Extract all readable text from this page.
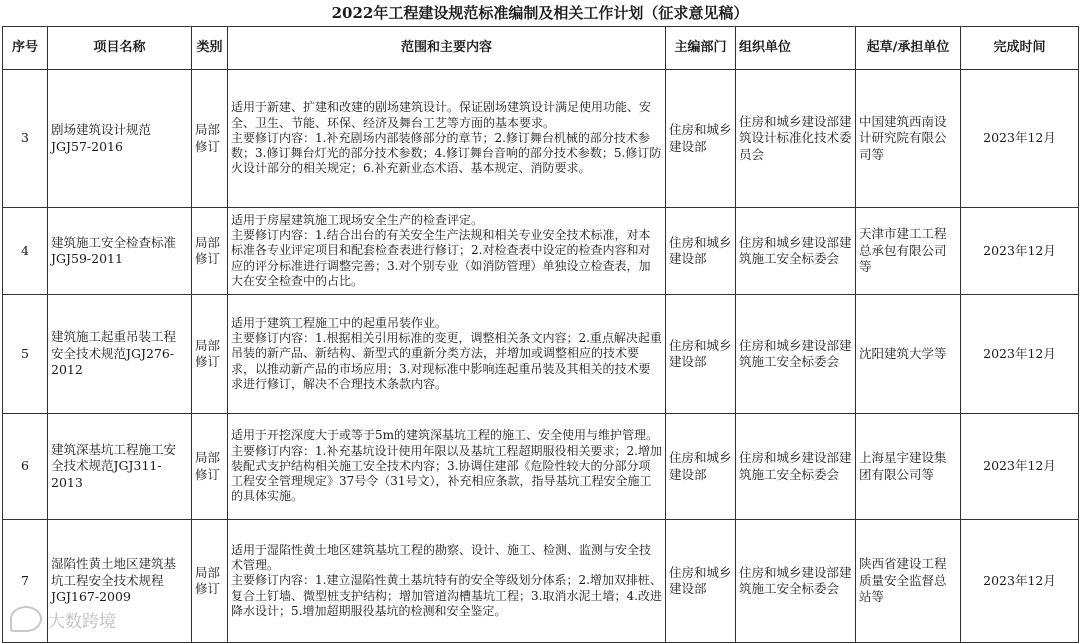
2022年工程建设规范标准编制及相关工作计划（征求意见稿）
序号	项目名称	类别	范围和主要内容	主编部门	组织单位	起草/承担单位	完成时间
3	剧场建筑设计规范JGJ57-2016	局部修订	适用于新建、扩建和改建的剧场建筑设计。保证剧场建筑设计满足使用功能、安全、卫生、节能、环保、经济及舞台工艺等方面的基本要求。
主要修订内容：1.补充剧场内部装修部分的章节；2.修订舞台机械的部分技术参数；3.修订舞台灯光的部分技术参数；4.修订舞台音响的部分技术参数；5.修订防火设计部分的相关规定；6.补充新业态术语、基本规定、消防要求。	住房和城乡建设部	住房和城乡建设部建筑设计标准化技术委员会	中国建筑西南设计研究院有限公司等	2023年12月
4	建筑施工安全检查标准JGJ59-2011	局部修订	适用于房屋建筑施工现场安全生产的检查评定。
主要修订内容：1.结合出台的有关安全生产法规和相关专业安全技术标准，对本标准各专业评定项目和配套检查表进行修订；2.对检查表中设定的检查内容和对应的评分标准进行调整完善；3.对个别专业（如消防管理）单独设立检查表，加大在安全检查中的占比。	住房和城乡建设部	住房和城乡建设部建筑施工安全标委会	天津市建工工程总承包有限公司等	2023年12月
5	建筑施工起重吊装工程安全技术规范JGJ276-2012	局部修订	适用于建筑工程施工中的起重吊装作业。
主要修订内容：1.根据相关引用标准的变更，调整相关条文内容；2.重点解决起重吊装的新产品、新结构、新型式的重新分类方法，并增加或调整相应的技术要求，以推动新产品的市场应用；3.对现标准中影响连起重吊装及其相关的技术要求进行修订，解决不合理技术条款内容。	住房和城乡建设部	住房和城乡建设部建筑施工安全标委会	沈阳建筑大学等	2023年12月
6	建筑深基坑工程施工安全技术规范JGJ311-2013	局部修订	适用于开挖深度大于或等于5m的建筑深基坑工程的施工、安全使用与维护管理。
主要修订内容：1.补充基坑设计使用年限以及基坑工程超期服役相关要求；2.增加装配式支护结构相关施工安全技术内容；3.协调住建部《危险性较大的分部分项工程安全管理规定》37号令（31号文），补充相应条款，指导基坑工程安全施工的具体实施。	住房和城乡建设部	住房和城乡建设部建筑施工安全标委会	上海星宇建设集团有限公司等	2023年12月
7	湿陷性黄土地区建筑基坑工程安全技术规程JGJ167-2009	局部修订	适用于湿陷性黄土地区建筑基坑工程的勘察、设计、施工、检测、监测与安全技术管理。
主要修订内容：1.建立湿陷性黄土基坑特有的安全等级划分体系；2.增加双排桩、复合土钉墙、微型桩支护结构；增加管道沟槽基坑工程；3.取消水泥土墙；4.改进降水设计；5.增加超期服役基坑的检测和安全鉴定。	住房和城乡建设部	住房和城乡建设部建筑施工安全标委会	陕西省建设工程质量安全监督总站等	2023年12月
大数跨境
